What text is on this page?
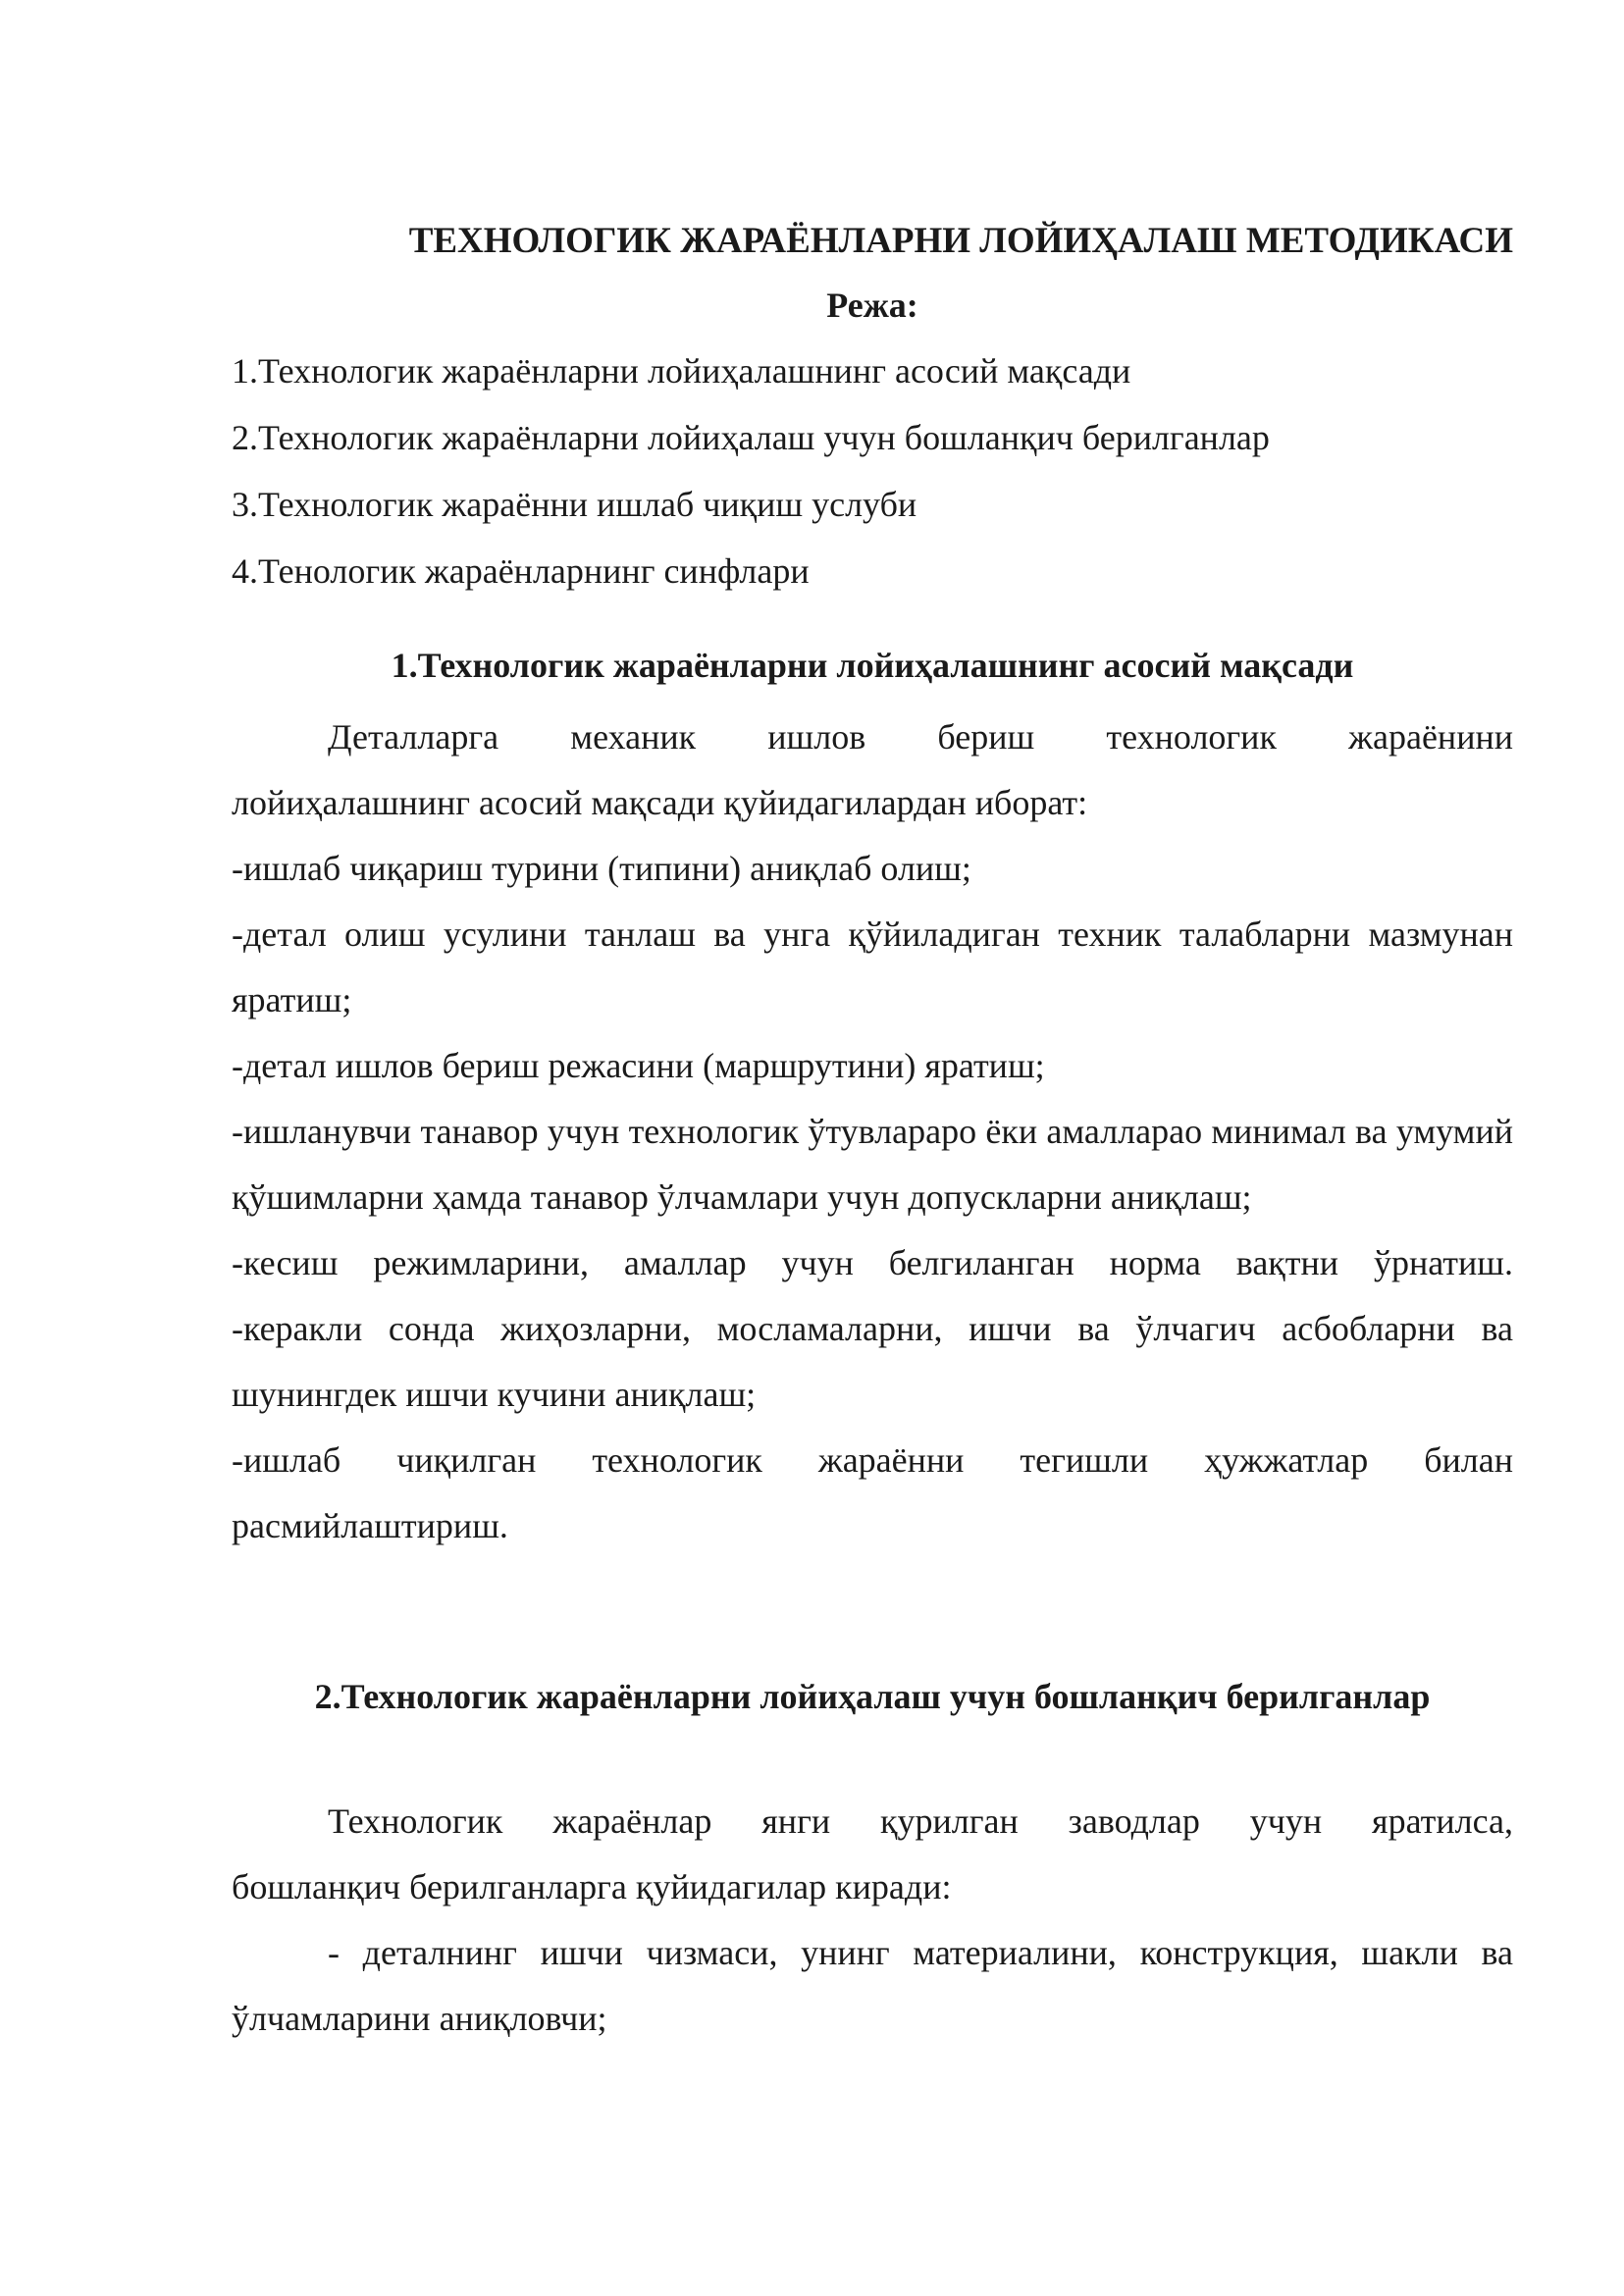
ТЕХНОЛОГИК ЖАРАЁНЛАРНИ ЛОЙИҲАЛАШ МЕТОДИКАСИ
Режа:
1.Технологик жараёнларни лойиҳалашнинг асосий мақсади
2.Технологик жараёнларни лойиҳалаш учун бошланқич берилганлар
3.Технологик жараённи ишлаб чиқиш услуби
4.Тенологик жараёнларнинг синфлари
1.Технологик жараёнларни лойиҳалашнинг асосий мақсади

Деталларга механик ишлов бериш технологик жараёнини

лойиҳалашнинг асосий мақсади қуйидагилардан иборат:

-ишлаб чиқариш турини (типини) аниқлаб олиш;

-детал олиш усулини танлаш ва унга қўйиладиган техник талабларни мазмунан яратиш;

-детал ишлов бериш режасини (маршрутини) яратиш;

-ишланувчи танавор учун технологик ўтувлараро ёки амалларао минимал ва умумий қўшимларни ҳамда танавор ўлчамлари учун допускларни аниқлаш;

-кесиш режимларини, амаллар учун белгиланган норма вақтни ўрнатиш.

-керакли сонда жиҳозларни, мосламаларни, ишчи ва ўлчагич асбобларни ва шунингдек ишчи кучини аниқлаш;

-ишлаб чиқилган технологик жараённи тегишли ҳужжатлар билан расмийлаштириш.

2.Технологик жараёнларни лойиҳалаш учун бошланқич берилганлар

Технологик жараёнлар янги қурилган заводлар учун яратилса,

бошланқич берилганларга қуйидагилар киради:

- деталнинг ишчи чизмаси, унинг материалини, конструкция, шакли ва

ўлчамларини аниқловчи;
